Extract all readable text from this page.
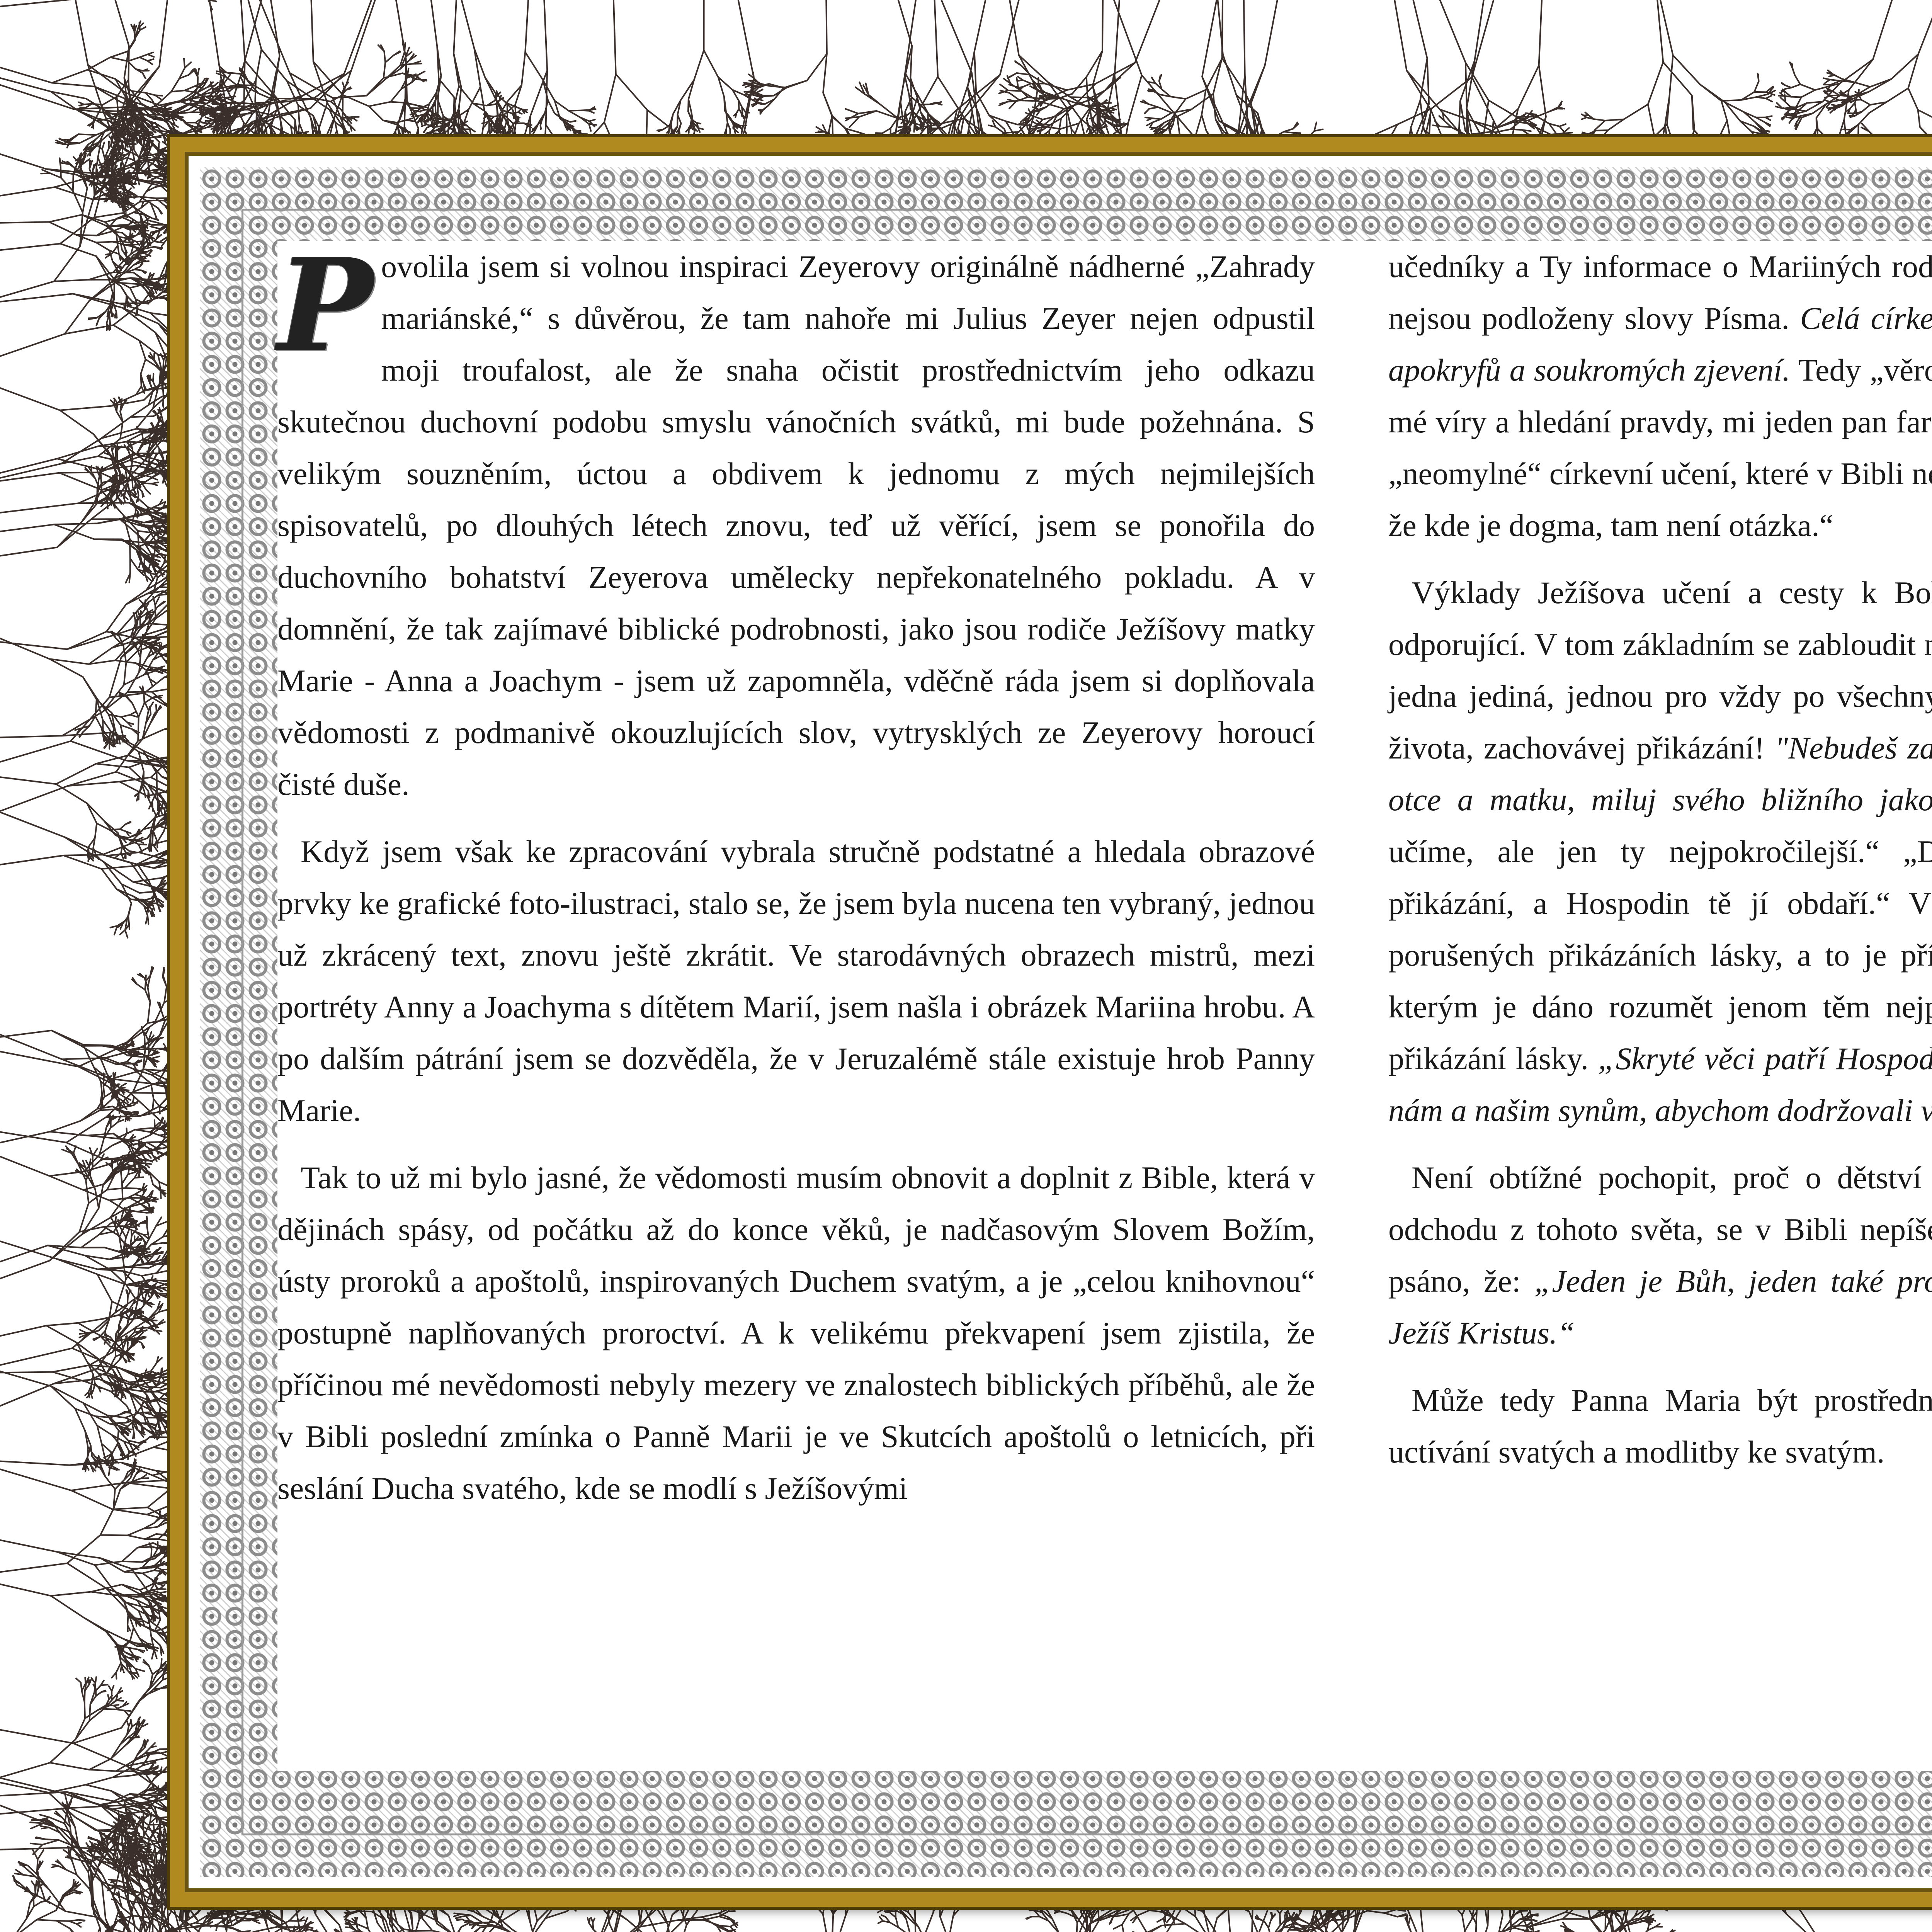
Povolila jsem si volnou inspiraci Zeyerovy originálně nádherné „Zahrady mariánské,“ s důvěrou, že tam nahoře mi Julius Zeyer nejen odpustil moji troufalost, ale že snaha očistit prostřednictvím jeho odkazu skutečnou duchovní podobu smyslu vánočních svátků, mi bude požehnána. S velikým souzněním, úctou a obdivem k jednomu z mých nejmilejších spisovatelů, po dlouhých létech znovu, teď už věřící, jsem se ponořila do duchovního bohatství Zeyerova umělecky nepřekonatelného pokladu. A v domnění, že tak zajímavé biblické podrobnosti, jako jsou rodiče Ježíšovy matky Marie - Anna a Joachym - jsem už zapomněla, vděčně ráda jsem si doplňovala vědomosti z podmanivě okouzlujících slov, vytrysklých ze Zeyerovy horoucí čisté duše.

Když jsem však ke zpracování vybrala stručně podstatné a hledala obrazové prvky ke grafické foto-ilustraci, stalo se, že jsem byla nucena ten vybraný, jednou už zkrácený text, znovu ještě zkrátit. Ve starodávných obrazech mistrů, mezi portréty Anny a Joachyma s dítětem Marií, jsem našla i obrázek Mariina hrobu. A po dalším pátrání jsem se dozvěděla, že v Jeruzalémě stále existuje hrob Panny Marie.

Tak to už mi bylo jasné, že vědomosti musím obnovit a doplnit z Bible, která v dějinách spásy, od počátku až do konce věků, je nadčasovým Slovem Božím, ústy proroků a apoštolů, inspirovaných Duchem svatým, a je „celou knihovnou“ postupně naplňovaných proroctví. A k velikému překvapení jsem zjistila, že příčinou mé nevědomosti nebyly mezery ve znalostech biblických příběhů, ale že v Bibli poslední zmínka o Panně Marii je ve Skutcích apoštolů o letnicích, při seslání Ducha svatého, kde se modlí s Ježíšovými

učedníky a Ty informace o Mariiných rod nejsou podloženy slovy Písma. Celá círk apokryfů a soukromých zjevení. Tedy „věr mé víry a hledání pravdy, mi jeden pan far „neomylné“ církevní učení, které v Bibli n že kde je dogma, tam není otázka.“

Výklady Ježíšova učení a cesty k Bo odporující. V tom základním se zabloudit jedna jediná, jednou pro vždy po všechny života, zachovávej přikázání! "Nebudeš z otce a matku, miluj svého bližního jako učíme, ale jen ty nejpokročilejší.“ „D přikázání, a Hospodin tě jí obdaří.“ V porušených přikázáních lásky, a to je pří kterým je dáno rozumět jenom těm nej přikázání lásky. „Skryté věci patří Hospo nám a našim synům, abychom dodržovali

Není obtížné pochopit, proč o dětství odchodu z tohoto světa, se v Bibli nepíš psáno, že: „Jeden je Bůh, jeden také pr Ježíš Kristus.“

Může tedy Panna Maria být prostředn uctívání svatých a modlitby ke svatým.
